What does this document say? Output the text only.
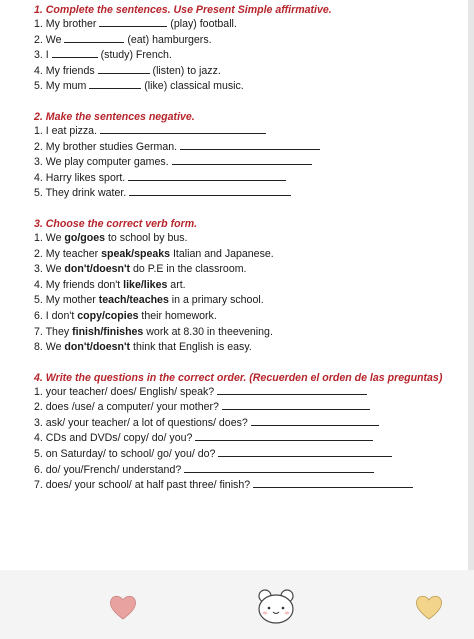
1. Complete the sentences. Use Present Simple affirmative.
1. My brother	(play) football.
2. We	(eat) hamburgers.
3. I	(study) French.
4. My friends	(listen) to jazz.
5. My mum	(like) classical music.
2. Make the sentences negative.
1. I eat pizza.
2. My brother studies German.
3. We play computer games.
4. Harry likes sport.
5. They drink water.
3. Choose the correct verb form.
1. We go/goes to school by bus.
2. My teacher speak/speaks Italian and Japanese.
3. We don't/doesn't do P.E in the classroom.
4. My friends don't like/likes art.
5. My mother teach/teaches in a primary school.
6. I don't copy/copies their homework.
7. They finish/finishes work at 8.30 in theevening.
8. We don't/doesn't think that English is easy.
4. Write the questions in the correct order. (Recuerden el orden de las preguntas)
1. your teacher/ does/ English/ speak?
2. does /use/ a computer/ your mother?
3. ask/ your teacher/ a lot of questions/ does?
4. CDs and DVDs/ copy/ do/ you?
5. on Saturday/ to school/ go/ you/ do?
6. do/ you/French/ understand?
7. does/ your school/ at half past three/ finish?
